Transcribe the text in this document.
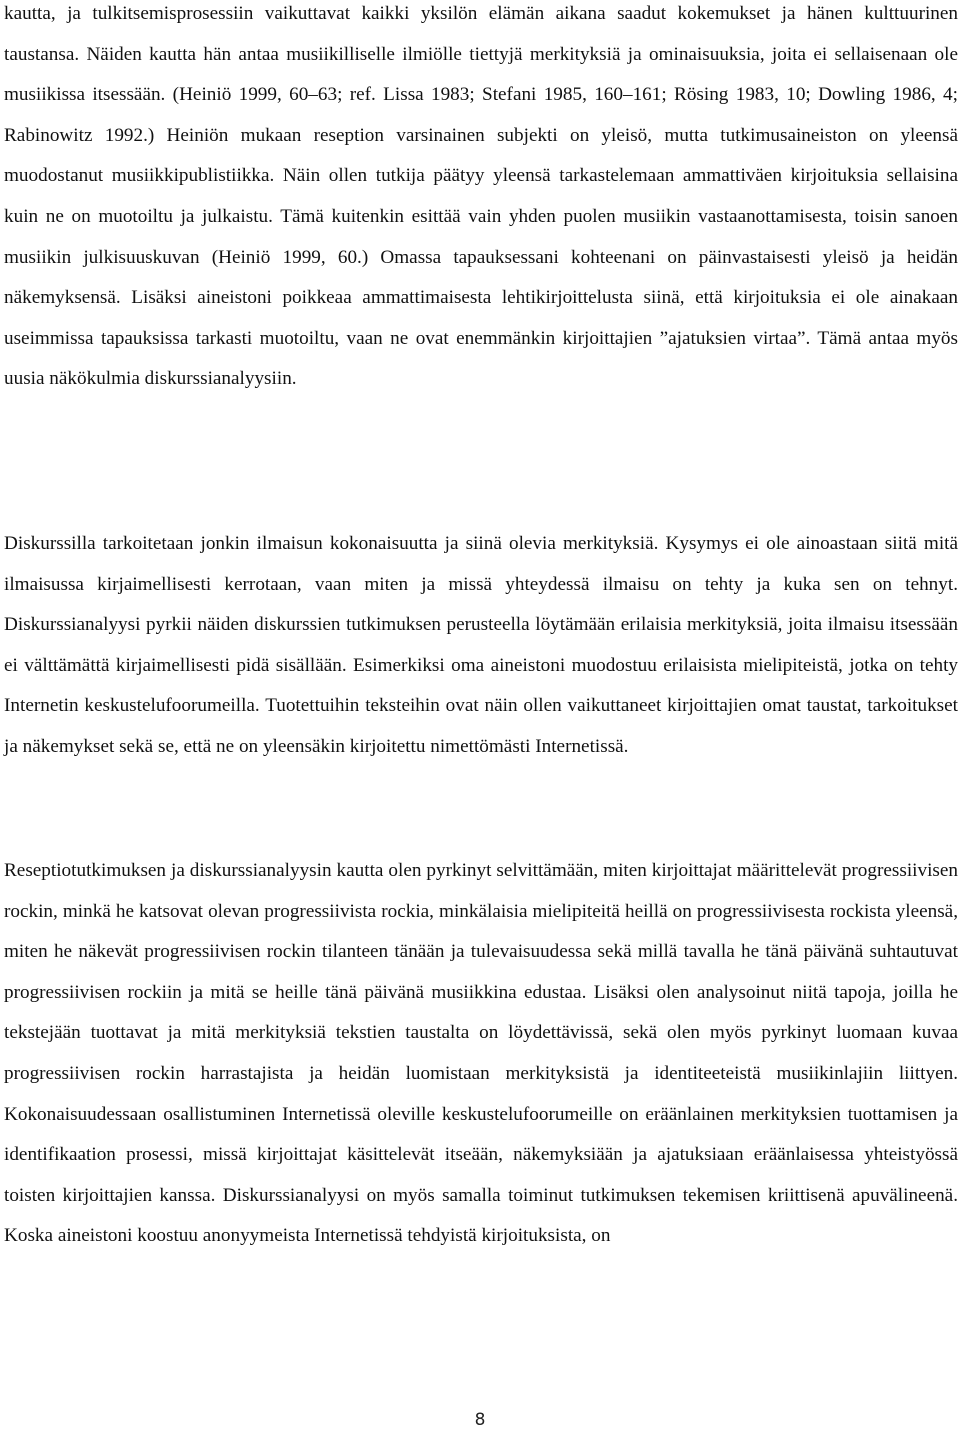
kautta, ja tulkitsemisprosessiin vaikuttavat kaikki yksilön elämän aikana saadut kokemukset ja hänen kulttuurinen taustansa. Näiden kautta hän antaa musiikilliselle ilmiölle tiettyjä merkityksiä ja ominaisuuksia, joita ei sellaisenaan ole musiikissa itsessään. (Heiniö 1999, 60–63; ref. Lissa 1983; Stefani 1985, 160–161; Rösing 1983, 10; Dowling 1986, 4; Rabinowitz 1992.) Heiniön mukaan reseption varsinainen subjekti on yleisö, mutta tutkimusaineiston on yleensä muodostanut musiikkipublistiikka. Näin ollen tutkija päätyy yleensä tarkastelemaan ammattiväen kirjoituksia sellaisina kuin ne on muotoiltu ja julkaistu. Tämä kuitenkin esittää vain yhden puolen musiikin vastaanottamisesta, toisin sanoen musiikin julkisuuskuvan (Heiniö 1999, 60.) Omassa tapauksessani kohteenani on päinvastaisesti yleisö ja heidän näkemyksensä. Lisäksi aineistoni poikkeaa ammattimaisesta lehtikirjoittelusta siinä, että kirjoituksia ei ole ainakaan useimmissa tapauksissa tarkasti muotoiltu, vaan ne ovat enemmänkin kirjoittajien ”ajatuksien virtaa”. Tämä antaa myös uusia näkökulmia diskurssianalyysiin.

Diskurssilla tarkoitetaan jonkin ilmaisun kokonaisuutta ja siinä olevia merkityksiä. Kysymys ei ole ainoastaan siitä mitä ilmaisussa kirjaimellisesti kerrotaan, vaan miten ja missä yhteydessä ilmaisu on tehty ja kuka sen on tehnyt. Diskurssianalyysi pyrkii näiden diskurssien tutkimuksen perusteella löytämään erilaisia merkityksiä, joita ilmaisu itsessään ei välttämättä kirjaimellisesti pidä sisällään. Esimerkiksi oma aineistoni muodostuu erilaisista mielipiteistä, jotka on tehty Internetin keskustelufoorumeilla. Tuotettuihin teksteihin ovat näin ollen vaikuttaneet kirjoittajien omat taustat, tarkoitukset ja näkemykset sekä se, että ne on yleensäkin kirjoitettu nimettömästi Internetissä.

Reseptiotutkimuksen ja diskurssianalyysin kautta olen pyrkinyt selvittämään, miten kirjoittajat määrittelevät progressiivisen rockin, minkä he katsovat olevan progressiivista rockia, minkälaisia mielipiteitä heillä on progressiivisesta rockista yleensä, miten he näkevät progressiivisen rockin tilanteen tänään ja tulevaisuudessa sekä millä tavalla he tänä päivänä suhtautuvat progressiivisen rockiin ja mitä se heille tänä päivänä musiikkina edustaa. Lisäksi olen analysoinut niitä tapoja, joilla he tekstejään tuottavat ja mitä merkityksiä tekstien taustalta on löydettävissä, sekä olen myös pyrkinyt luomaan kuvaa progressiivisen rockin harrastajista ja heidän luomistaan merkityksistä ja identiteeteistä musiikinlajiin liittyen. Kokonaisuudessaan osallistuminen Internetissä oleville keskustelufoorumeille on eräänlainen merkityksien tuottamisen ja identifikaation prosessi, missä kirjoittajat käsittelevät itseään, näkemyksiään ja ajatuksiaan eräänlaisessa yhteistyössä toisten kirjoittajien kanssa. Diskurssianalyysi on myös samalla toiminut tutkimuksen tekemisen kriittisenä apuvälineenä. Koska aineistoni koostuu anonyymeista Internetissä tehdyistä kirjoituksista, on

8
